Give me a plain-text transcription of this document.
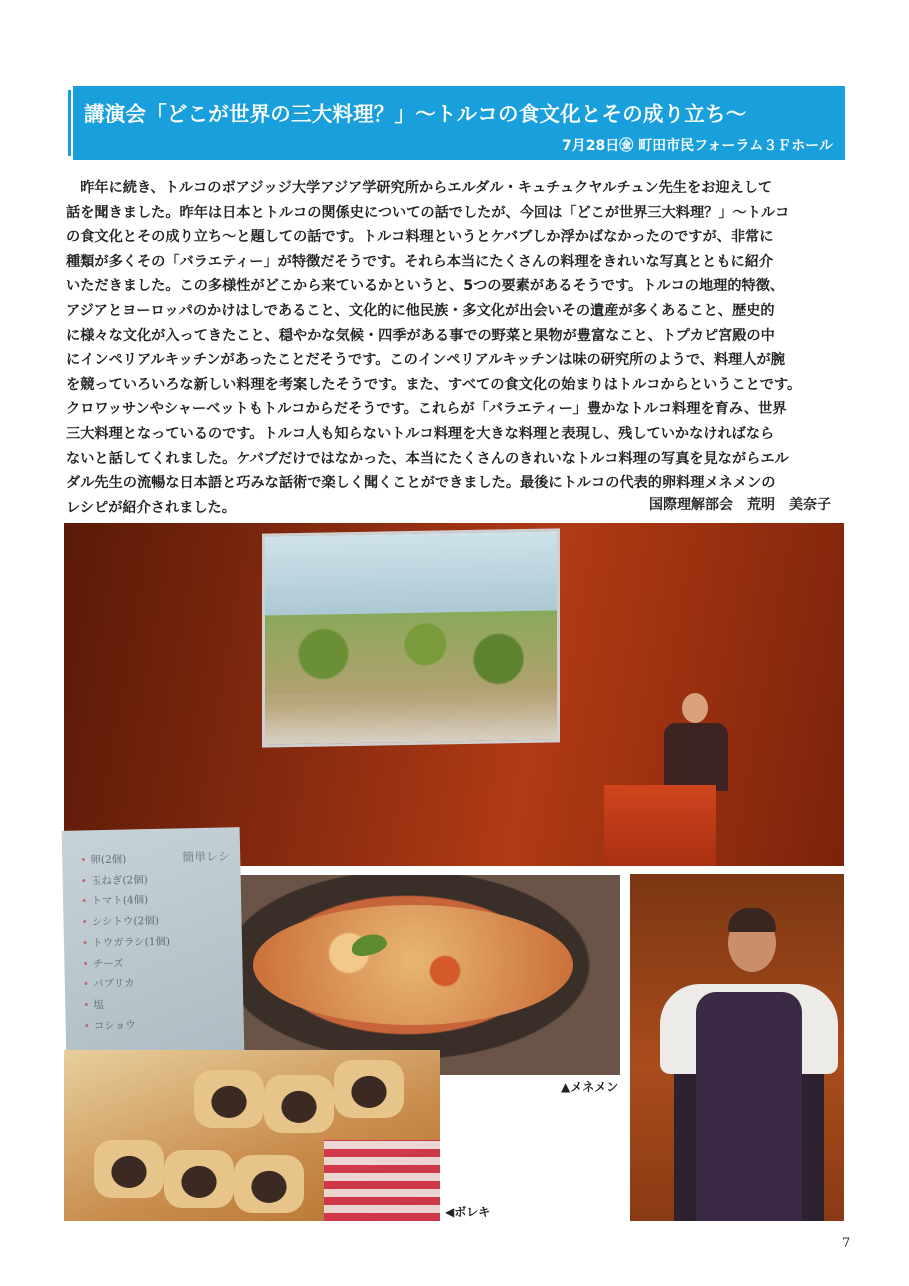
講演会「どこが世界の三大料理？」〜トルコの食文化とその成り立ち〜
7月28日㊎ 町田市民フォーラム３Ｆホール

　昨年に続き、トルコのボアジッジ大学アジア学研究所からエルダル・キュチュクヤルチュン先生をお迎えして

話を聞きました。昨年は日本とトルコの関係史についての話でしたが、今回は「どこが世界三大料理？」〜トルコ

の食文化とその成り立ち〜と題しての話です。トルコ料理というとケバブしか浮かばなかったのですが、非常に

種類が多くその「バラエティー」が特徴だそうです。それら本当にたくさんの料理をきれいな写真とともに紹介

いただきました。この多様性がどこから来ているかというと、5つの要素があるそうです。トルコの地理的特徴、

アジアとヨーロッパのかけはしであること、文化的に他民族・多文化が出会いその遺産が多くあること、歴史的

に様々な文化が入ってきたこと、穏やかな気候・四季がある事での野菜と果物が豊富なこと、トプカピ宮殿の中

にインペリアルキッチンがあったことだそうです。このインペリアルキッチンは味の研究所のようで、料理人が腕

を競っていろいろな新しい料理を考案したそうです。また、すべての食文化の始まりはトルコからということです。

クロワッサンやシャーベットもトルコからだそうです。これらが「バラエティー」豊かなトルコ料理を育み、世界

三大料理となっているのです。トルコ人も知らないトルコ料理を大きな料理と表現し、残していかなければなら

ないと話してくれました。ケバブだけではなかった、本当にたくさんのきれいなトルコ料理の写真を見ながらエル

ダル先生の流暢な日本語と巧みな話術で楽しく聞くことができました。最後にトルコの代表的卵料理メネメンの

レシピが紹介されました。	国際理解部会　荒明　美奈子
簡単レシ
• 卵(2個)
• 玉ねぎ(2個)
• トマト(4個)
• シシトウ(2個)
• トウガラシ(1個)
• チーズ
• パプリカ
• 塩
• コショウ
▲メネメン
◀ボレキ
7
